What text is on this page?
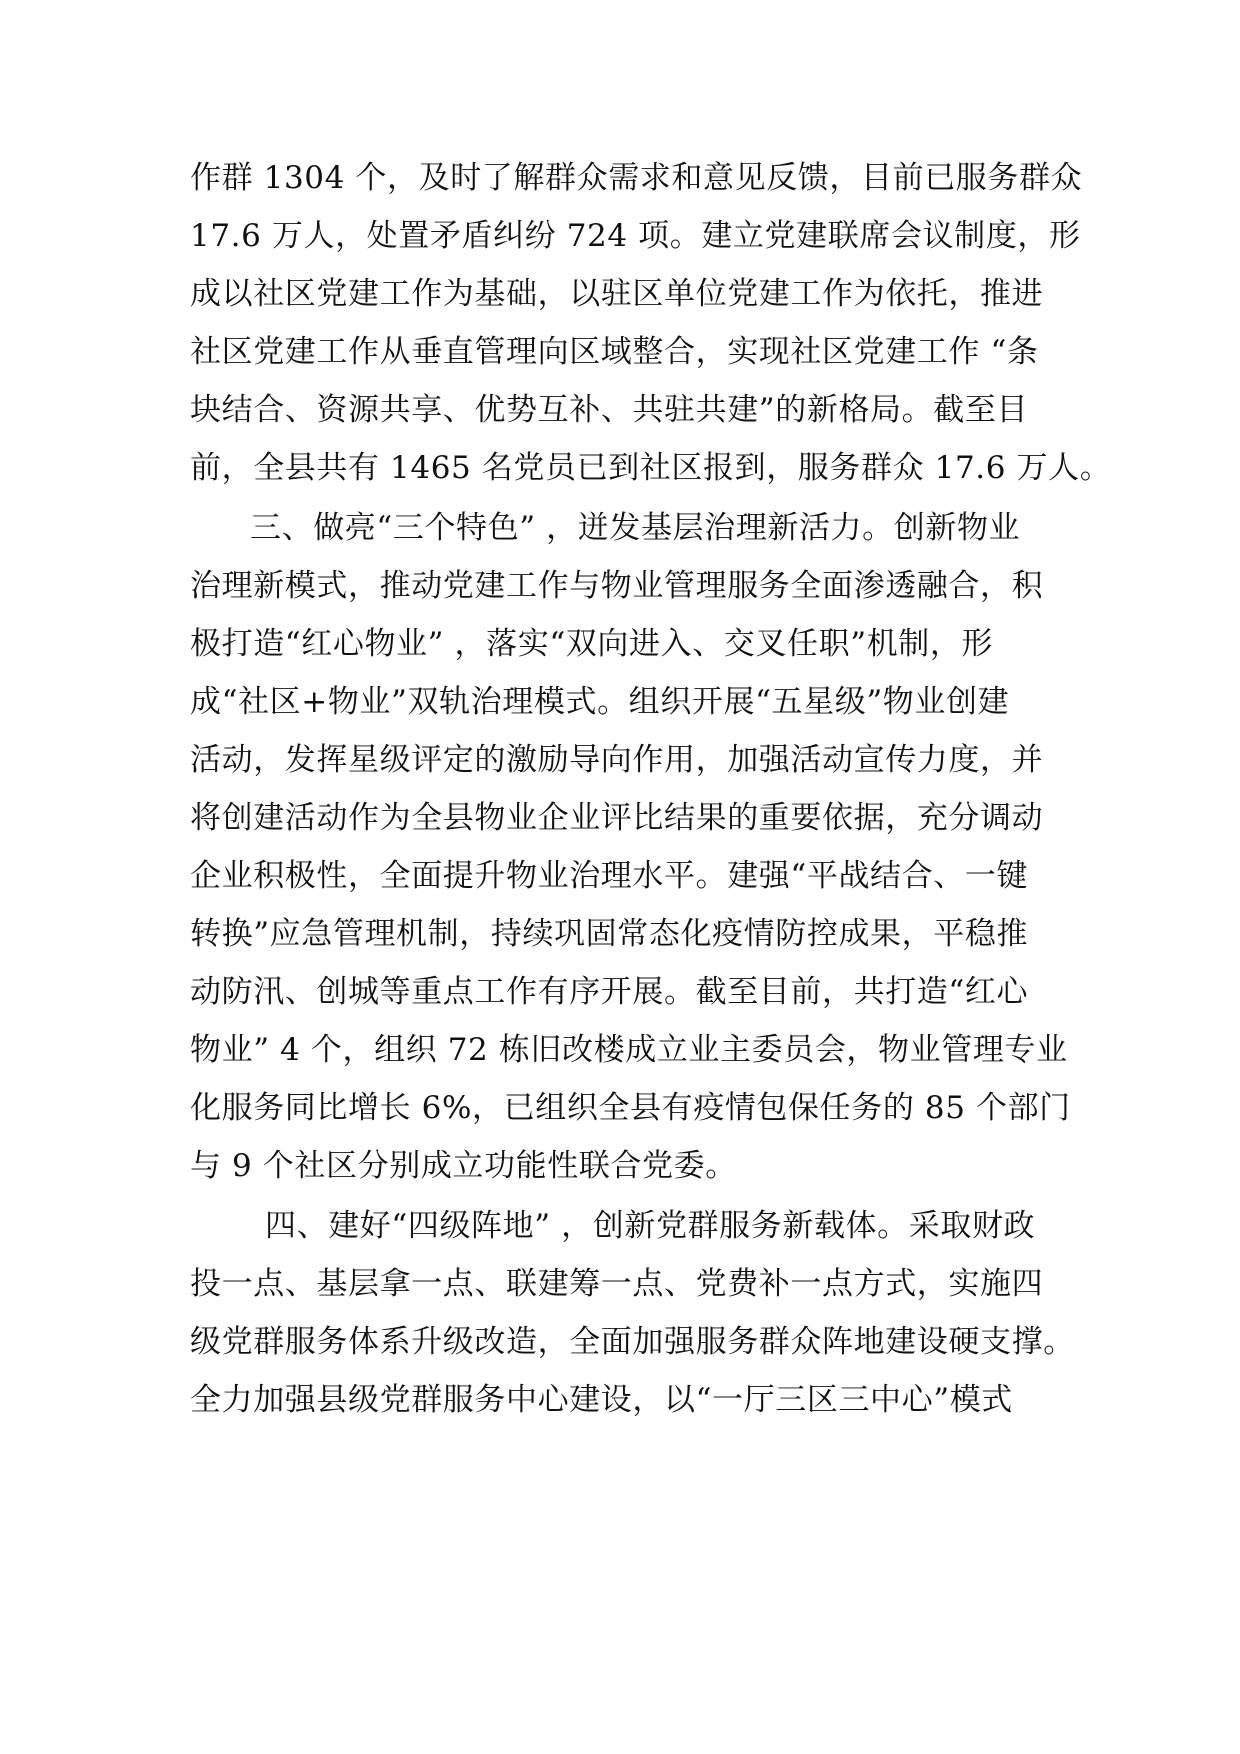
作群 1304 个，及时了解群众需求和意见反馈，目前已服务群众
17.6 万人，处置矛盾纠纷 724 项。建立党建联席会议制度，形
成以社区党建工作为基础，以驻区单位党建工作为依托，推进
社区党建工作从垂直管理向区域整合，实现社区党建工作 “条
块结合、资源共享、优势互补、共驻共建”的新格局。截至目
前，全县共有 1465 名党员已到社区报到，服务群众 17.6 万人。
三、做亮“三个特色” ，迸发基层治理新活力。创新物业
治理新模式，推动党建工作与物业管理服务全面渗透融合，积
极打造“红心物业” ，落实“双向进入、交叉任职”机制，形
成“社区+物业”双轨治理模式。组织开展“五星级”物业创建
活动，发挥星级评定的激励导向作用，加强活动宣传力度，并
将创建活动作为全县物业企业评比结果的重要依据，充分调动
企业积极性，全面提升物业治理水平。建强“平战结合、一键
转换”应急管理机制，持续巩固常态化疫情防控成果，平稳推
动防汛、创城等重点工作有序开展。截至目前，共打造“红心
物业” 4 个，组织 72 栋旧改楼成立业主委员会，物业管理专业
化服务同比增长 6%，已组织全县有疫情包保任务的 85 个部门
与 9 个社区分别成立功能性联合党委。
四、建好“四级阵地” ，创新党群服务新载体。采取财政
投一点、基层拿一点、联建筹一点、党费补一点方式，实施四
级党群服务体系升级改造，全面加强服务群众阵地建设硬支撑。
全力加强县级党群服务中心建设，以“一厅三区三中心”模式
